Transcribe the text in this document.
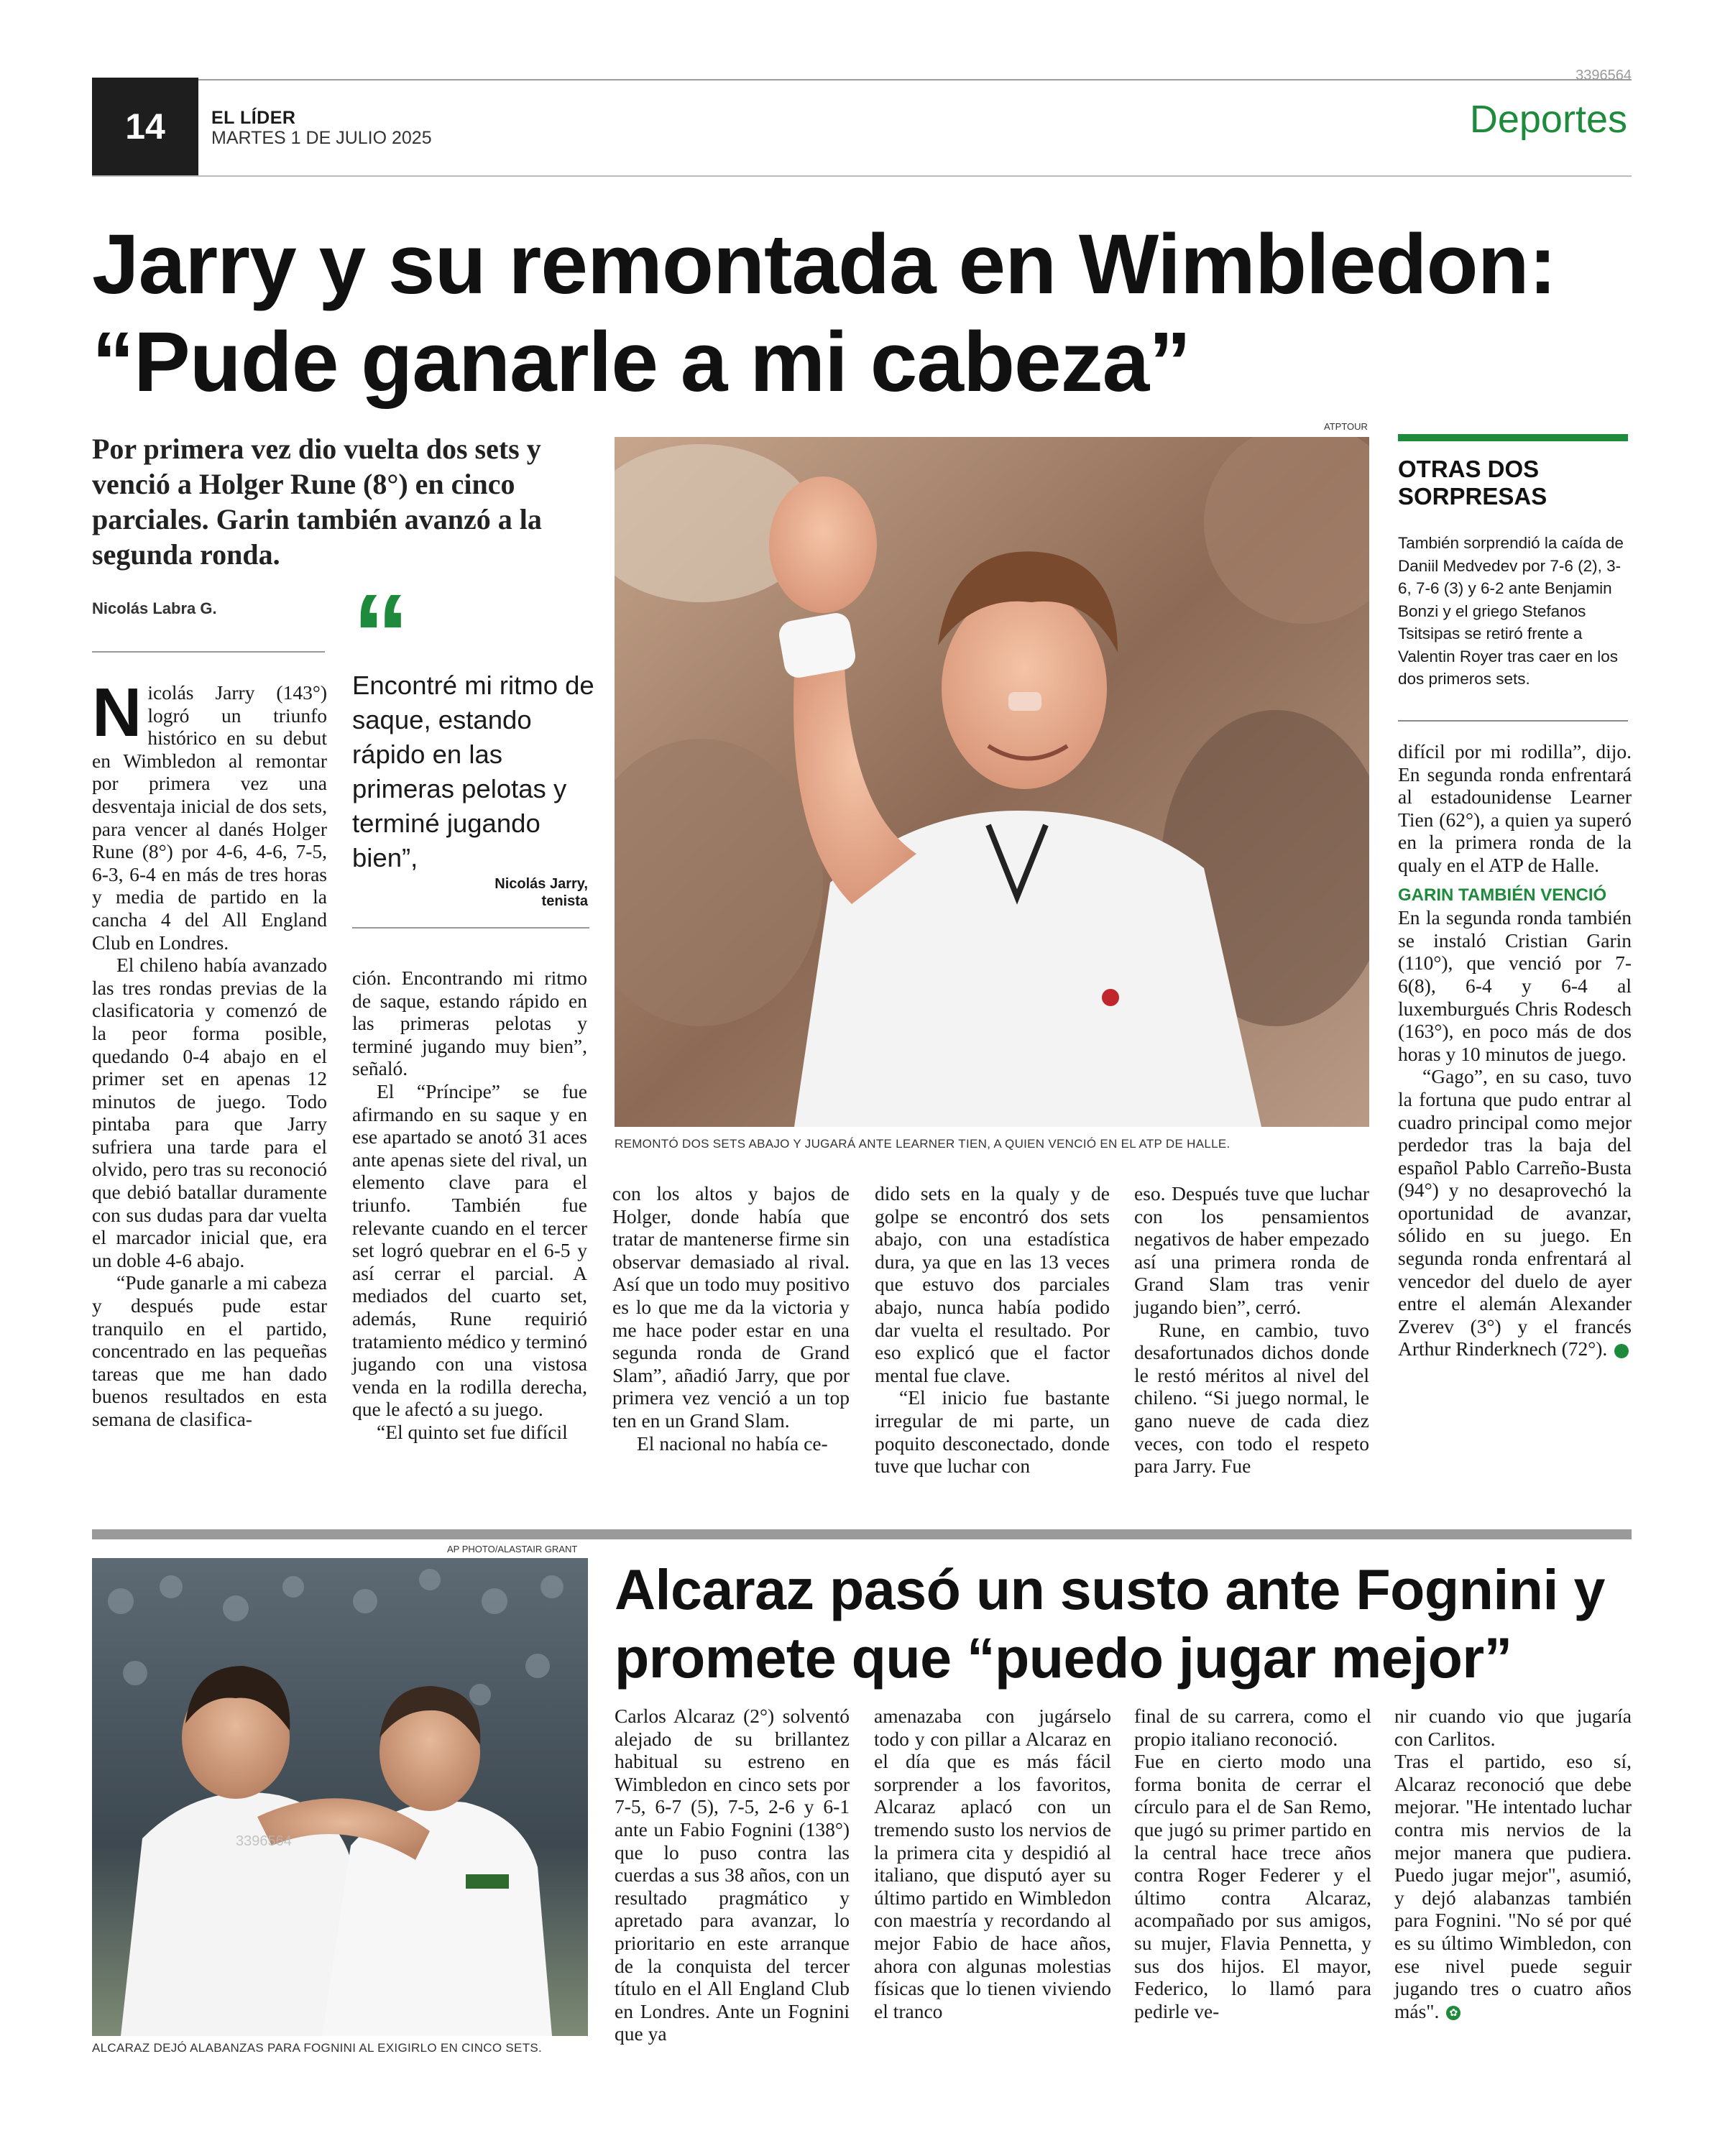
3396564
14	EL LÍDER
MARTES 1 DE JULIO 2025	Deportes
Jarry y su remontada en Wimbledon:
“Pude ganarle a mi cabeza”
Por primera vez dio vuelta dos sets y venció a Holger Rune (8°) en cinco parciales. Garin también avanzó a la segunda ronda.
Nicolás Labra G. “
Encontré mi ritmo de saque, estando rápido en las primeras pelotas y terminé jugando bien”,
Nicolás Jarry,
tenista
ATPTOUR
REMONTÓ DOS SETS ABAJO Y JUGARÁ ANTE LEARNER TIEN, A QUIEN VENCIÓ EN EL ATP DE HALLE.
OTRAS DOS
SORPRESAS
También sorprendió la caída de Daniil Medvedev por 7-6 (2), 3-6, 7-6 (3) y 6-2 ante Benjamin Bonzi y el griego Stefanos Tsitsipas se retiró frente a Valentin Royer tras caer en los dos primeros sets.

Nicolás Jarry (143°) logró un triunfo histórico en su debut en Wimbledon al remontar por primera vez una desventaja inicial de dos sets, para vencer al danés Holger Rune (8°) por 4-6, 4-6, 7-5, 6-3, 6-4 en más de tres horas y media de partido en la cancha 4 del All England Club en Londres.

El chileno había avanzado las tres rondas previas de la clasificatoria y comenzó de la peor forma posible, quedando 0-4 abajo en el primer set en apenas 12 minutos de juego. Todo pintaba para que Jarry sufriera una tarde para el olvido, pero tras su reconoció que debió batallar duramente con sus dudas para dar vuelta el marcador inicial que, era un doble 4-6 abajo.

“Pude ganarle a mi cabeza y después pude estar tranquilo en el partido, concentrado en las pequeñas tareas que me han dado buenos resultados en esta semana de clasifica-

ción. Encontrando mi ritmo de saque, estando rápido en las primeras pelotas y terminé jugando muy bien”, señaló.

El “Príncipe” se fue afirmando en su saque y en ese apartado se anotó 31 aces ante apenas siete del rival, un elemento clave para el triunfo. También fue relevante cuando en el tercer set logró quebrar en el 6-5 y así cerrar el parcial. A mediados del cuarto set, además, Rune requirió tratamiento médico y terminó jugando con una vistosa venda en la rodilla derecha, que le afectó a su juego.

“El quinto set fue difícil

con los altos y bajos de Holger, donde había que tratar de mantenerse firme sin observar demasiado al rival. Así que un todo muy positivo es lo que me da la victoria y me hace poder estar en una segunda ronda de Grand Slam”, añadió Jarry, que por primera vez venció a un top ten en un Grand Slam.

El nacional no había ce-

dido sets en la qualy y de golpe se encontró dos sets abajo, con una estadística dura, ya que en las 13 veces que estuvo dos parciales abajo, nunca había podido dar vuelta el resultado. Por eso explicó que el factor mental fue clave.

“El inicio fue bastante irregular de mi parte, un poquito desconectado, donde tuve que luchar con

eso. Después tuve que luchar con los pensamientos negativos de haber empezado así una primera ronda de Grand Slam tras venir jugando bien”, cerró.

Rune, en cambio, tuvo desafortunados dichos donde le restó méritos al nivel del chileno. “Si juego normal, le gano nueve de cada diez veces, con todo el respeto para Jarry. Fue

difícil por mi rodilla”, dijo. En segunda ronda enfrentará al estadounidense Learner Tien (62°), a quien ya superó en la primera ronda de la qualy en el ATP de Halle.

GARIN TAMBIÉN VENCIÓ

En la segunda ronda también se instaló Cristian Garin (110°), que venció por 7-6(8), 6-4 y 6-4 al luxemburgués Chris Rodesch (163°), en poco más de dos horas y 10 minutos de juego.

“Gago”, en su caso, tuvo la fortuna que pudo entrar al cuadro principal como mejor perdedor tras la baja del español Pablo Carreño-Busta (94°) y no desaprovechó la oportunidad de avanzar, sólido en su juego. En segunda ronda enfrentará al vencedor del duelo de ayer entre el alemán Alexander Zverev (3°) y el francés Arthur Rinderknech (72°).	✿

AP PHOTO/ALASTAIR GRANT
3396564
ALCARAZ DEJÓ ALABANZAS PARA FOGNINI AL EXIGIRLO EN CINCO SETS.
Alcaraz pasó un susto ante Fognini y
promete que “puedo jugar mejor”

Carlos Alcaraz (2°) solventó alejado de su brillantez habitual su estreno en Wimbledon en cinco sets por 7-5, 6-7 (5), 7-5, 2-6 y 6-1 ante un Fabio Fognini (138°) que lo puso contra las cuerdas a sus 38 años, con un resultado pragmático y apretado para avanzar, lo prioritario en este arranque de la conquista del tercer título en el All England Club en Londres. Ante un Fognini que ya

amenazaba con jugárselo todo y con pillar a Alcaraz en el día que es más fácil sorprender a los favoritos, Alcaraz aplacó con un tremendo susto los nervios de la primera cita y despidió al italiano, que disputó ayer su último partido en Wimbledon con maestría y recordando al mejor Fabio de hace años, ahora con algunas molestias físicas que lo tienen viviendo el tranco

final de su carrera, como el propio italiano reconoció.

Fue en cierto modo una forma bonita de cerrar el círculo para el de San Remo, que jugó su primer partido en la central hace trece años contra Roger Federer y el último contra Alcaraz, acompañado por sus amigos, su mujer, Flavia Pennetta, y sus dos hijos. El mayor, Federico, lo llamó para pedirle ve-

nir cuando vio que jugaría con Carlitos.

Tras el partido, eso sí, Alcaraz reconoció que debe mejorar. "He intentado luchar contra mis nervios de la mejor manera que pudiera. Puedo jugar mejor", asumió, y dejó alabanzas también para Fognini. "No sé por qué es su último Wimbledon, con ese nivel puede seguir jugando tres o cuatro años más". ✿
